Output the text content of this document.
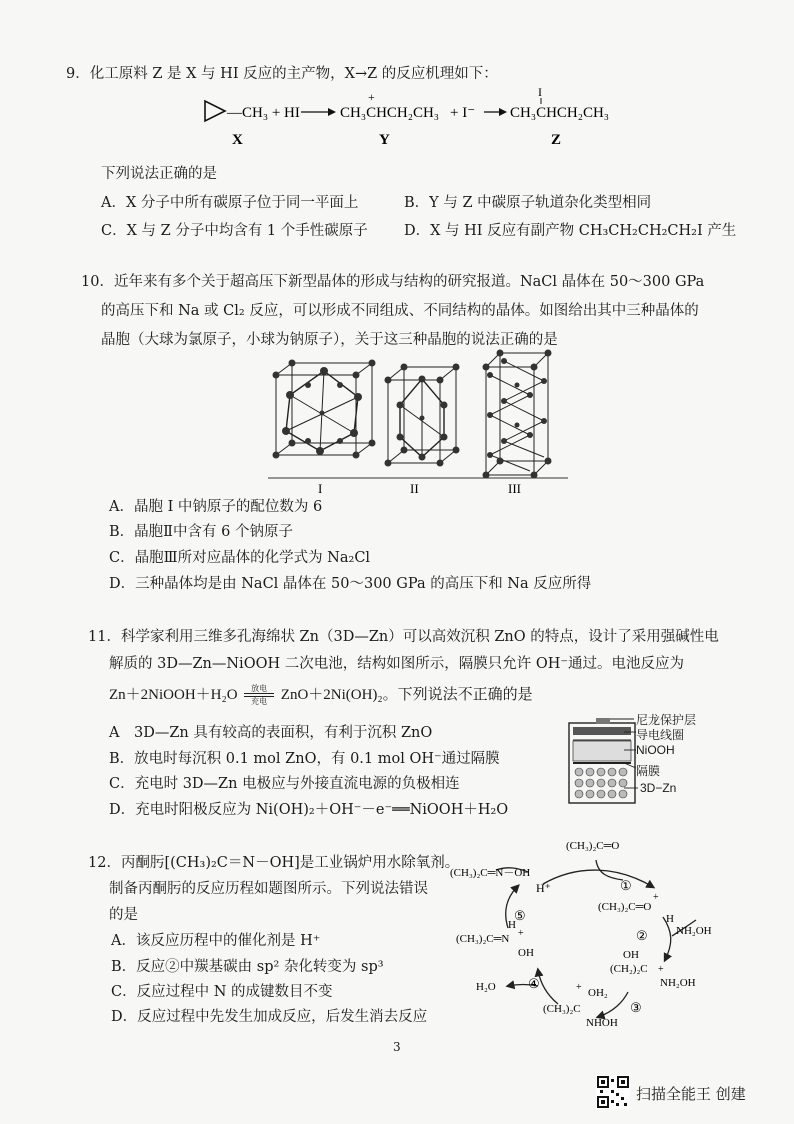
9．化工原料 Z 是 X 与 HI 反应的主产物，X→Z 的反应机理如下：
—CH₃ + HI	CH₃CHCH₂CH₃
+
+ I⁻ CH₃CHCH₂CH₃
I
X	Y	Z
下列说法正确的是
A．X 分子中所有碳原子位于同一平面上	B．Y 与 Z 中碳原子轨道杂化类型相同
C．X 与 Z 分子中均含有 1 个手性碳原子 D．X 与 HI 反应有副产物 CH₃CH₂CH₂CH₂I 产生
10．近年来有多个关于超高压下新型晶体的形成与结构的研究报道。NaCl 晶体在 50～300 GPa
的高压下和 Na 或 Cl₂ 反应，可以形成不同组成、不同结构的晶体。如图给出其中三种晶体的
晶胞（大球为氯原子，小球为钠原子），关于这三种晶胞的说法正确的是
I	II	III
A．晶胞 I 中钠原子的配位数为 6
B．晶胞Ⅱ中含有 6 个钠原子
C．晶胞Ⅲ所对应晶体的化学式为 Na₂Cl
D．三种晶体均是由 NaCl 晶体在 50～300 GPa 的高压下和 Na 反应所得
11．科学家利用三维多孔海绵状 Zn（3D—Zn）可以高效沉积 ZnO 的特点，设计了采用强碱性电
解质的 3D—Zn—NiOOH 二次电池，结构如图所示，隔膜只允许 OH⁻通过。电池反应为
Zn＋2NiOOH＋H₂O	放电
充电 ZnO＋2Ni(OH)₂。下列说法不正确的是
A　3D—Zn 具有较高的表面积，有利于沉积 ZnO
B．放电时每沉积 0.1 mol ZnO，有 0.1 mol OH⁻通过隔膜
C．充电时 3D—Zn 电极应与外接直流电源的负极相连
D．充电时阳极反应为 Ni(OH)₂＋OH⁻－e⁻══NiOOH＋H₂O
尼龙保护层
导电线圈
NiOOH
隔膜
3D−Zn
12．丙酮肟[(CH₃)₂C＝N－OH]是工业锅炉用水除氧剂。
制备丙酮肟的反应历程如题图所示。下列说法错误
的是
A．该反应历程中的催化剂是 H⁺
B．反应②中羰基碳由 sp² 杂化转变为 sp³
C．反应过程中 N 的成键数目不变
D．反应过程中先发生加成反应，后发生消去反应
(CH₃)₂C═O
(CH₃)₂C═N－OH
H⁺	①
(CH₃)₂C═O
+
H
②	NH₂OH
OH
(CH₂)₂C +
NH₂OH
③
OH₂
+
(CH₃)₂C
NHOH
④
H₂O
⑤
(CH₃)₂C═N
H
+
OH
3
扫描全能王 创建
